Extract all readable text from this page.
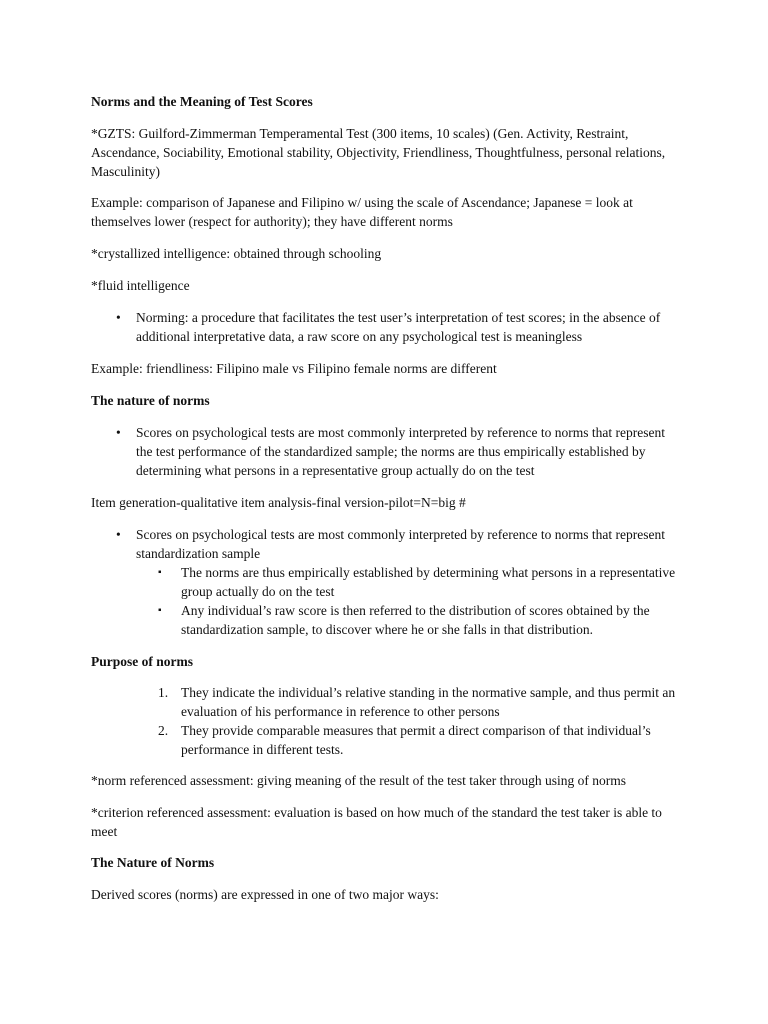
Norms and the Meaning of Test Scores

*GZTS: Guilford-Zimmerman Temperamental Test (300 items, 10 scales) (Gen. Activity, Restraint, Ascendance, Sociability, Emotional stability, Objectivity, Friendliness, Thoughtfulness, personal relations, Masculinity)

Example: comparison of Japanese and Filipino w/ using the scale of Ascendance; Japanese = look at themselves lower (respect for authority); they have different norms

*crystallized intelligence: obtained through schooling

*fluid intelligence

•	Norming: a procedure that facilitates the test user’s interpretation of test scores; in the absence of additional interpretative data, a raw score on any psychological test is meaningless

Example: friendliness: Filipino male vs Filipino female norms are different

The nature of norms

•	Scores on psychological tests are most commonly interpreted by reference to norms that represent the test performance of the standardized sample; the norms are thus empirically established by determining what persons in a representative group actually do on the test

Item generation-qualitative item analysis-final version-pilot=N=big #

•	Scores on psychological tests are most commonly interpreted by reference to norms that represent standardization sample
▪ The norms are thus empirically established by determining what persons in a representative group actually do on the test
▪ Any individual’s raw score is then referred to the distribution of scores obtained by the standardization sample, to discover where he or she falls in that distribution.

Purpose of norms

1. They indicate the individual’s relative standing in the normative sample, and thus permit an evaluation of his performance in reference to other persons
2. They provide comparable measures that permit a direct comparison of that individual’s performance in different tests.

*norm referenced assessment: giving meaning of the result of the test taker through using of norms

*criterion referenced assessment: evaluation is based on how much of the standard the test taker is able to meet

The Nature of Norms

Derived scores (norms) are expressed in one of two major ways:
